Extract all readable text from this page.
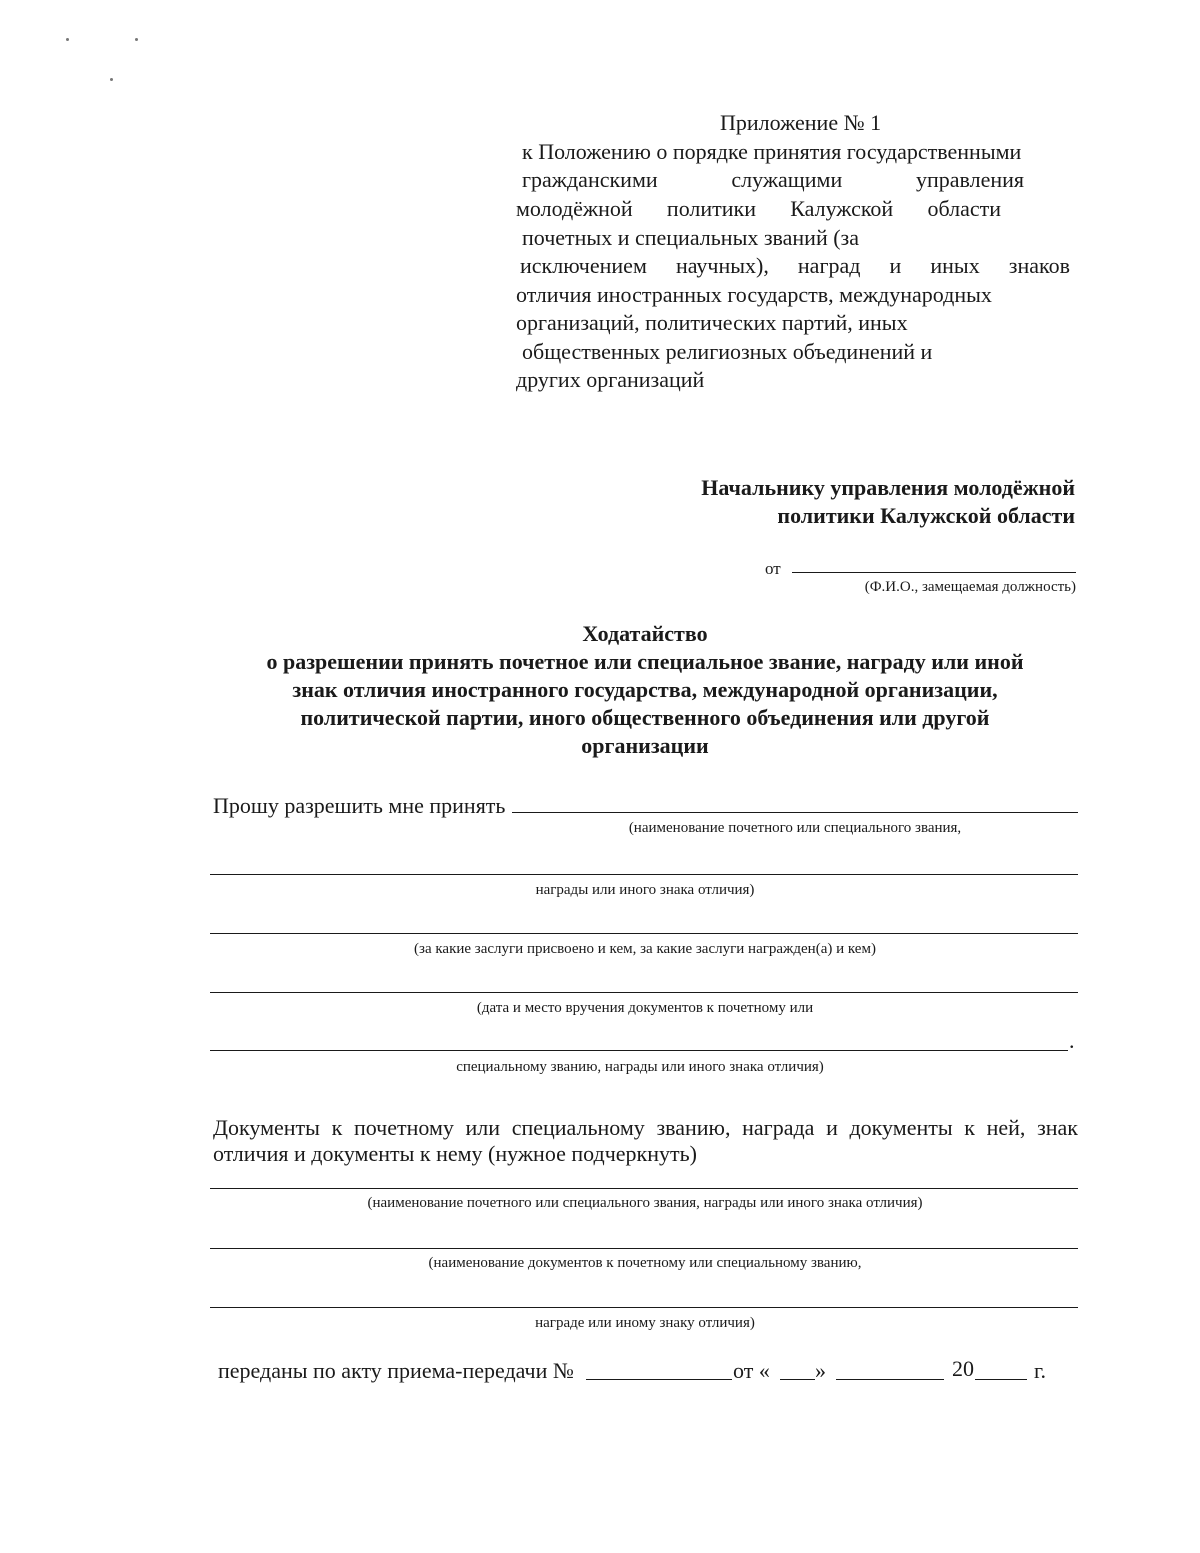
Приложение № 1
к Положению о порядке принятия государственными
гражданскими служащими управления
молодёжной политики Калужской области
почетных и специальных званий (за
исключением научных), наград и иных знаков
отличия иностранных государств, международных
организаций, политических партий, иных
общественных религиозных объединений и
других организаций
Начальнику управления молодёжной
политики Калужской области
от
(Ф.И.О., замещаемая должность)
Ходатайство
о разрешении принять почетное или специальное звание, награду или иной
знак отличия иностранного государства, международной организации,
политической партии, иного общественного объединения или другой
организации
Прошу разрешить мне принять
(наименование почетного или специального звания,
награды или иного знака отличия)
(за какие заслуги присвоено и кем, за какие заслуги награжден(а) и кем)
(дата и место вручения документов к почетному или
.
специальному званию, награды или иного знака отличия)
Документы к почетному или специальному званию, награда и документы к ней, знак
отличия и документы к нему (нужное подчеркнуть)
(наименование почетного или специального звания, награды или иного знака отличия)
(наименование документов к почетному или специальному званию,
награде или иному знаку отличия)
переданы по акту приема-передачи №	от « »	20	г.
